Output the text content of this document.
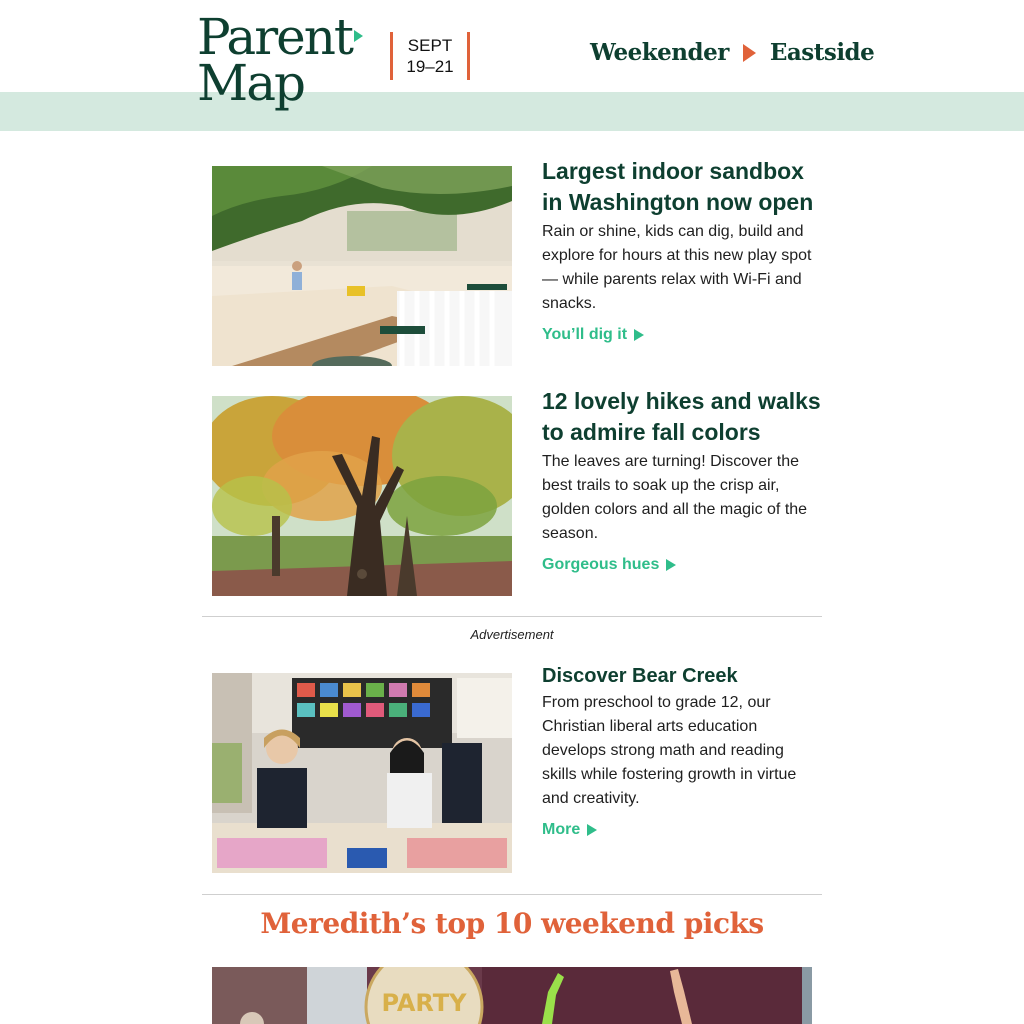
Parent
Map
SEPT
19–21
Weekender Eastside
Largest indoor sandbox in Washington now open
Rain or shine, kids can dig, build and explore for hours at this new play spot — while parents relax with Wi-Fi and snacks.
You’ll dig it
12 lovely hikes and walks to admire fall colors
The leaves are turning! Discover the best trails to soak up the crisp air, golden colors and all the magic of the season.
Gorgeous hues
Advertisement
Discover Bear Creek
From preschool to grade 12, our Christian liberal arts education develops strong math and reading skills while fostering growth in virtue and creativity.
More
Meredith’s top 10 weekend picks
PARTY
